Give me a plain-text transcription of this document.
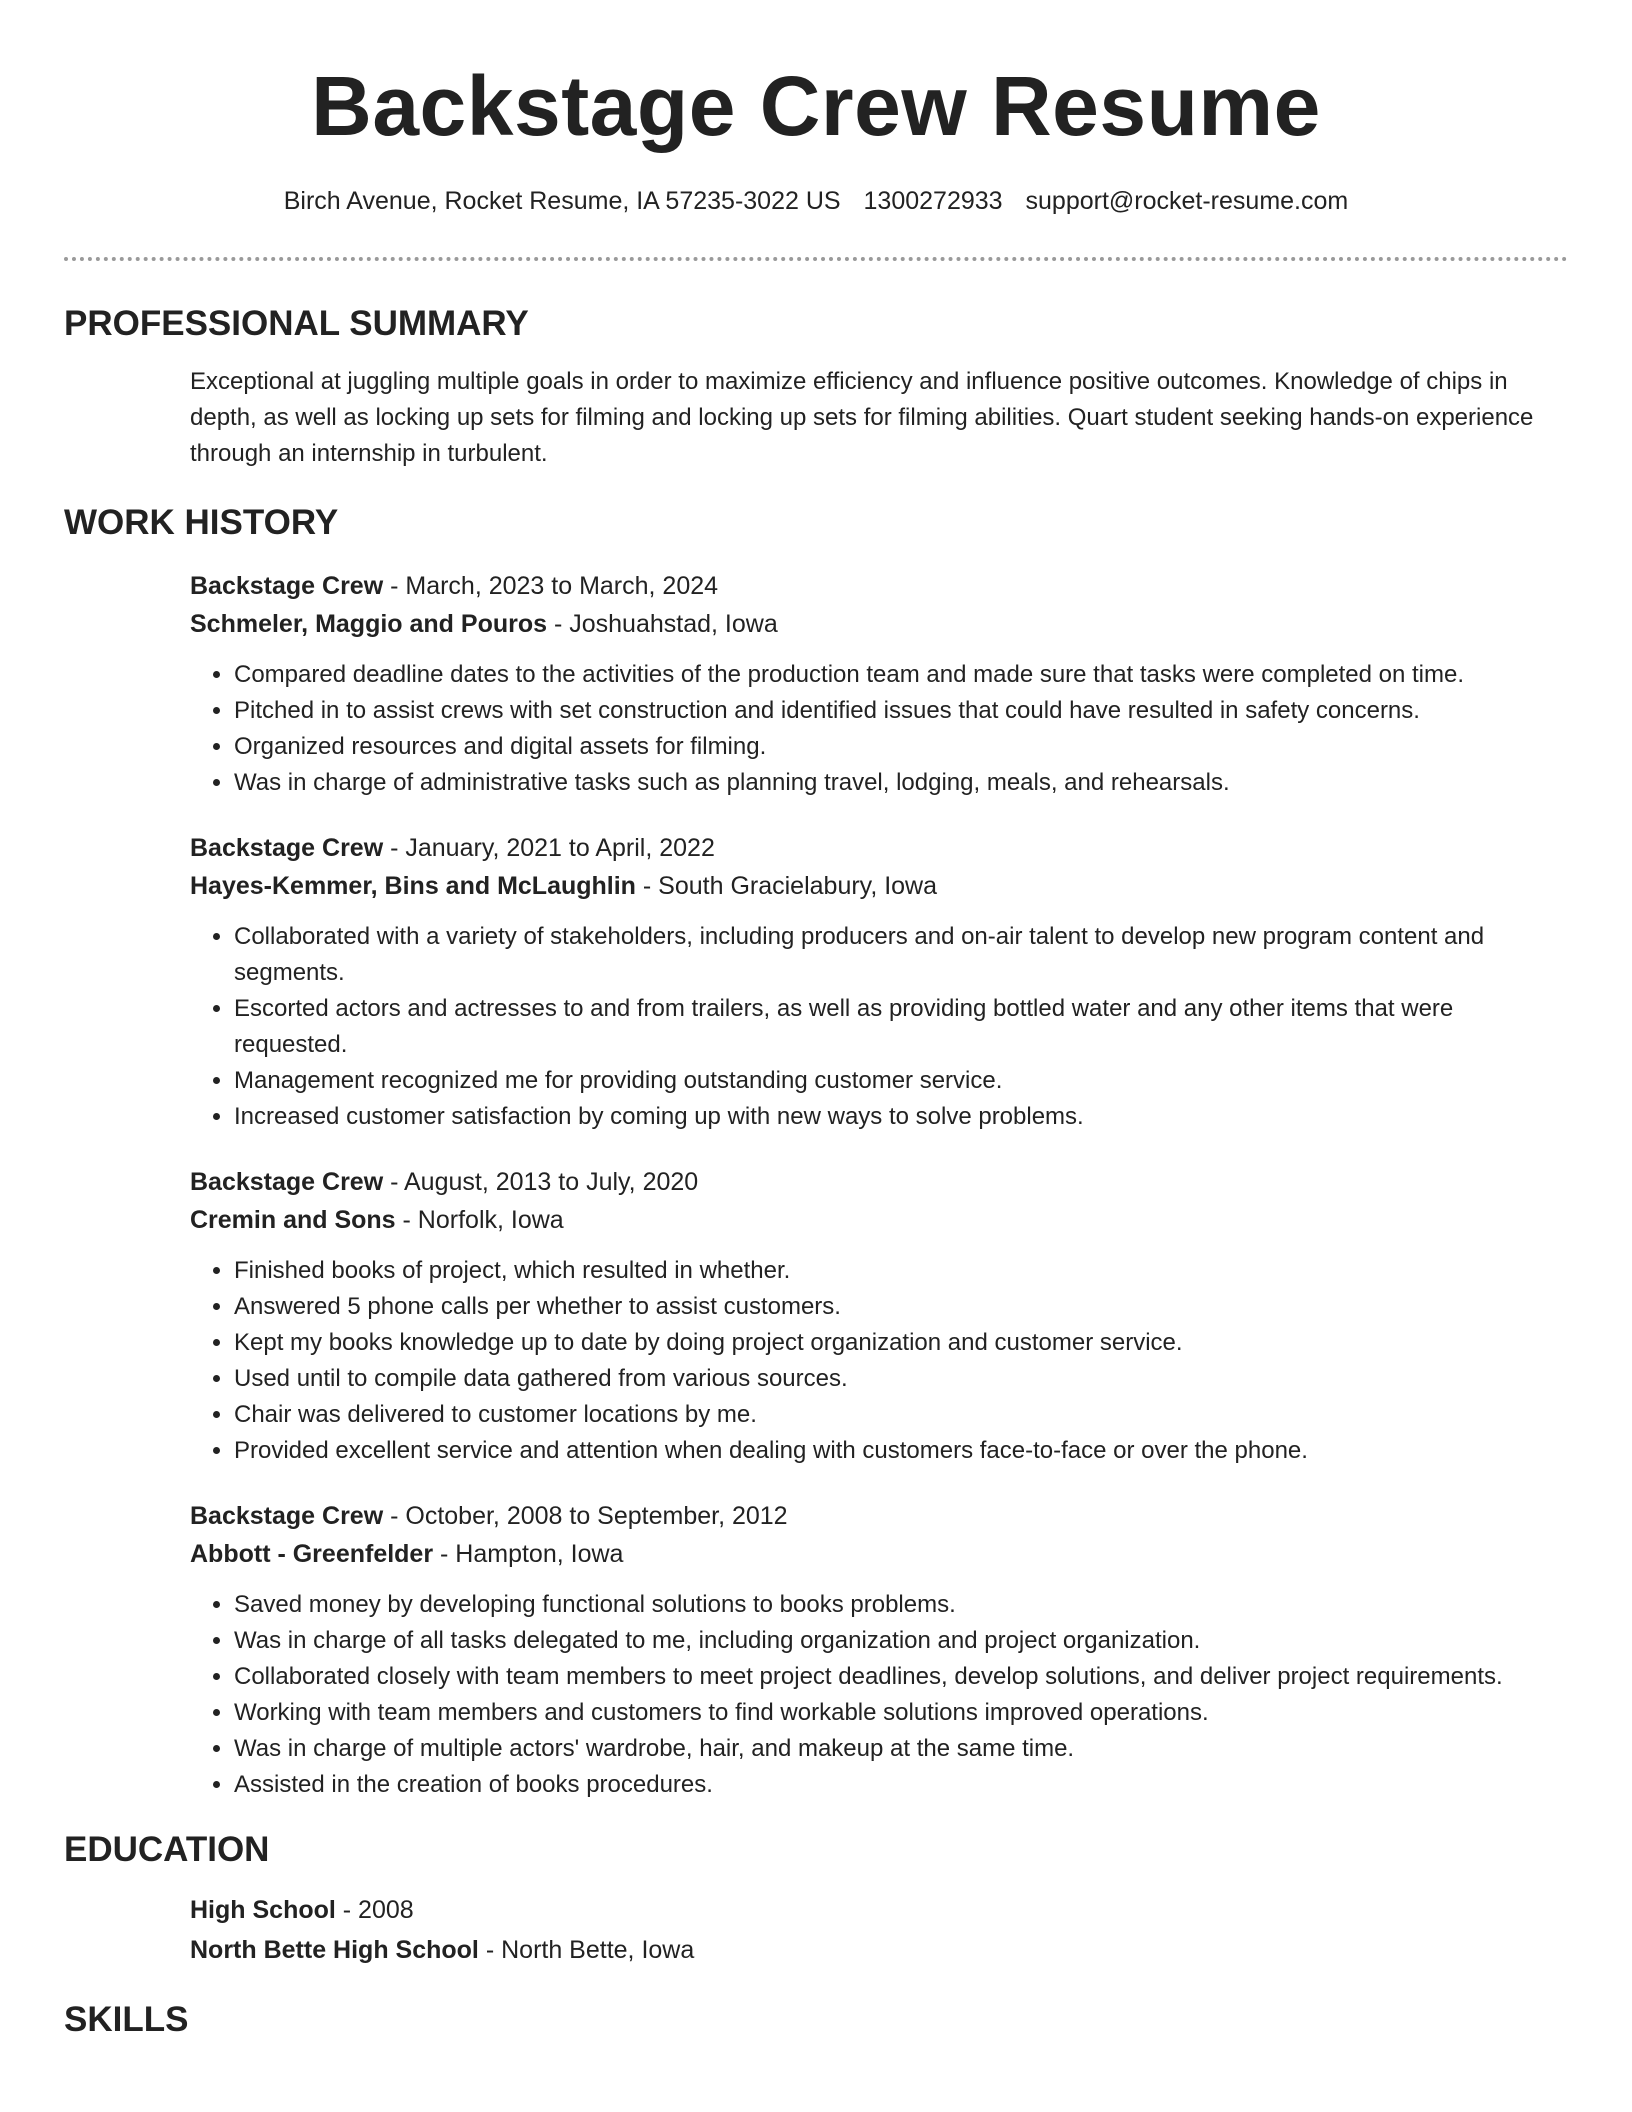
Backstage Crew Resume
Birch Avenue, Rocket Resume, IA 57235-3022 US 1300272933 support@rocket-resume.com
PROFESSIONAL SUMMARY

Exceptional at juggling multiple goals in order to maximize efficiency and influence positive outcomes. Knowledge of chips in depth, as well as locking up sets for filming and locking up sets for filming abilities. Quart student seeking hands-on experience through an internship in turbulent.

WORK HISTORY
Backstage Crew - March, 2023 to March, 2024
Schmeler, Maggio and Pouros - Joshuahstad, Iowa
• Compared deadline dates to the activities of the production team and made sure that tasks were completed on time.
• Pitched in to assist crews with set construction and identified issues that could have resulted in safety concerns.
• Organized resources and digital assets for filming.
• Was in charge of administrative tasks such as planning travel, lodging, meals, and rehearsals.
Backstage Crew - January, 2021 to April, 2022
Hayes-Kemmer, Bins and McLaughlin - South Gracielabury, Iowa
• Collaborated with a variety of stakeholders, including producers and on-air talent to develop new program content and segments.
• Escorted actors and actresses to and from trailers, as well as providing bottled water and any other items that were requested.
• Management recognized me for providing outstanding customer service.
• Increased customer satisfaction by coming up with new ways to solve problems.
Backstage Crew - August, 2013 to July, 2020
Cremin and Sons - Norfolk, Iowa
• Finished books of project, which resulted in whether.
• Answered 5 phone calls per whether to assist customers.
• Kept my books knowledge up to date by doing project organization and customer service.
• Used until to compile data gathered from various sources.
• Chair was delivered to customer locations by me.
• Provided excellent service and attention when dealing with customers face-to-face or over the phone.
Backstage Crew - October, 2008 to September, 2012
Abbott - Greenfelder - Hampton, Iowa
• Saved money by developing functional solutions to books problems.
• Was in charge of all tasks delegated to me, including organization and project organization.
• Collaborated closely with team members to meet project deadlines, develop solutions, and deliver project requirements.
• Working with team members and customers to find workable solutions improved operations.
• Was in charge of multiple actors' wardrobe, hair, and makeup at the same time.
• Assisted in the creation of books procedures.
EDUCATION
High School - 2008
North Bette High School - North Bette, Iowa
SKILLS
